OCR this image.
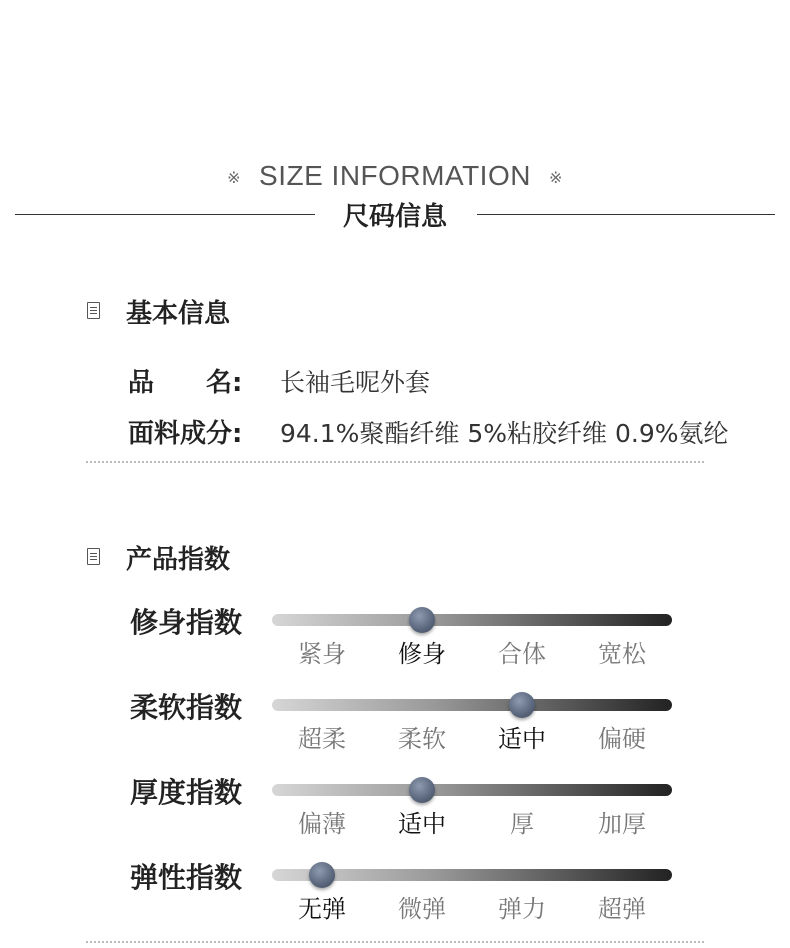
※ SIZE INFORMATION ※
尺码信息
基本信息
品　　名: 长袖毛呢外套
面料成分: 94.1%聚酯纤维 5%粘胶纤维 0.9%氨纶
产品指数
修身指数
紧身	修身	合体	宽松
柔软指数
超柔	柔软	适中	偏硬
厚度指数
偏薄	适中	厚	加厚
弹性指数
无弹	微弹	弹力	超弹
